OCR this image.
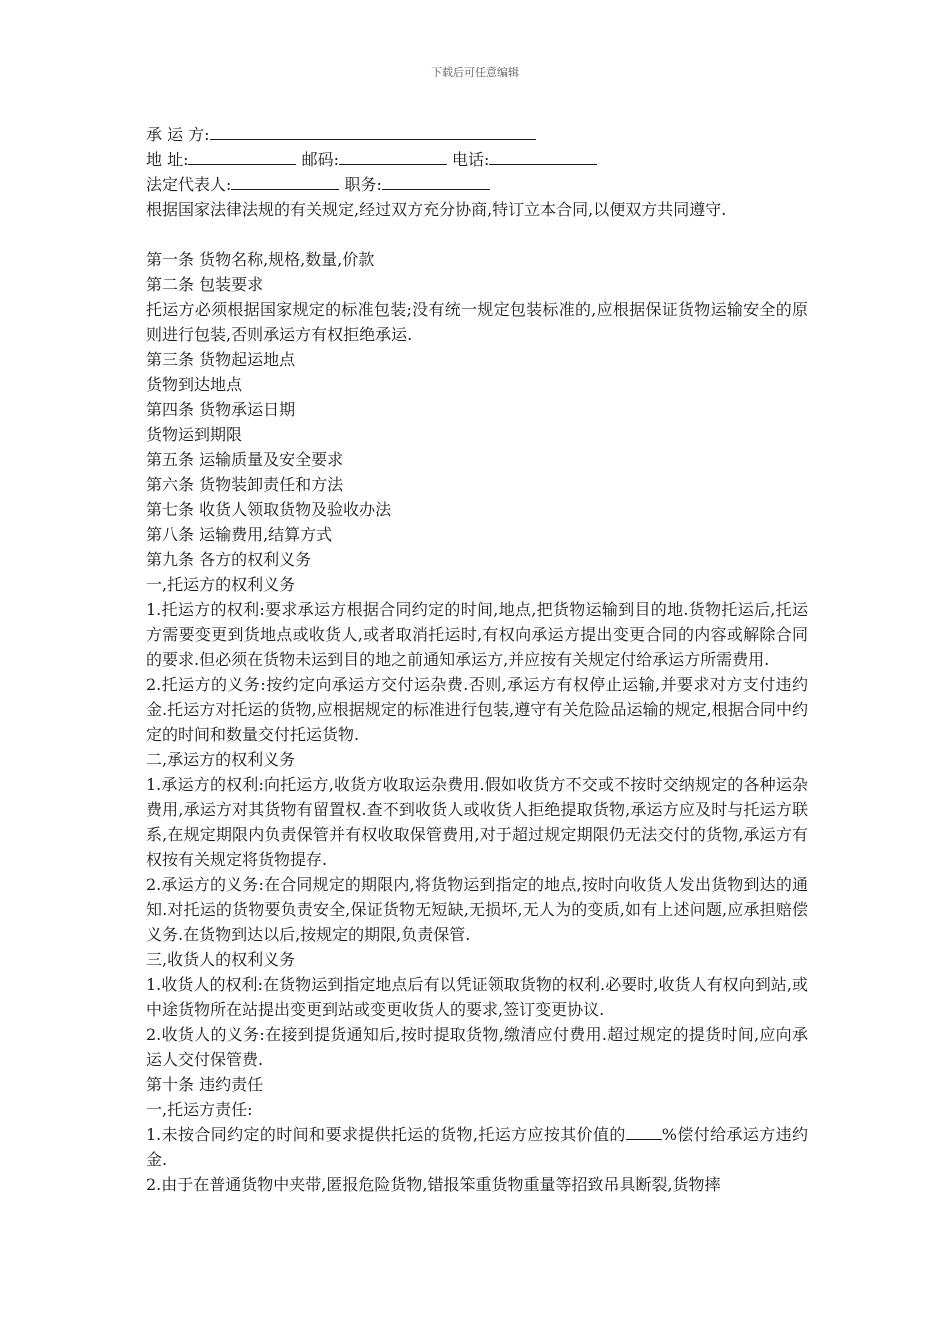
下载后可任意编辑
承 运 方:
地 址:	邮码:	电话:
法定代表人:	职务:
根据国家法律法规的有关规定,经过双方充分协商,特订立本合同,以便双方共同遵守.
第一条 货物名称,规格,数量,价款
第二条 包装要求
托运方必须根据国家规定的标准包装;没有统一规定包装标准的,应根据保证货物运输安全的原则进行包装,否则承运方有权拒绝承运.
第三条 货物起运地点
货物到达地点
第四条 货物承运日期
货物运到期限
第五条 运输质量及安全要求
第六条 货物装卸责任和方法
第七条 收货人领取货物及验收办法
第八条 运输费用,结算方式
第九条 各方的权利义务
一,托运方的权利义务
1.托运方的权利:要求承运方根据合同约定的时间,地点,把货物运输到目的地.货物托运后,托运方需要变更到货地点或收货人,或者取消托运时,有权向承运方提出变更合同的内容或解除合同的要求.但必须在货物未运到目的地之前通知承运方,并应按有关规定付给承运方所需费用.
2.托运方的义务:按约定向承运方交付运杂费.否则,承运方有权停止运输,并要求对方支付违约金.托运方对托运的货物,应根据规定的标准进行包装,遵守有关危险品运输的规定,根据合同中约定的时间和数量交付托运货物.
二,承运方的权利义务
1.承运方的权利:向托运方,收货方收取运杂费用.假如收货方不交或不按时交纳规定的各种运杂费用,承运方对其货物有留置权.查不到收货人或收货人拒绝提取货物,承运方应及时与托运方联系,在规定期限内负责保管并有权收取保管费用,对于超过规定期限仍无法交付的货物,承运方有权按有关规定将货物提存.
2.承运方的义务:在合同规定的期限内,将货物运到指定的地点,按时向收货人发出货物到达的通知.对托运的货物要负责安全,保证货物无短缺,无损坏,无人为的变质,如有上述问题,应承担赔偿义务.在货物到达以后,按规定的期限,负责保管.
三,收货人的权利义务
1.收货人的权利:在货物运到指定地点后有以凭证领取货物的权利.必要时,收货人有权向到站,或中途货物所在站提出变更到站或变更收货人的要求,签订变更协议.
2.收货人的义务:在接到提货通知后,按时提取货物,缴清应付费用.超过规定的提货时间,应向承运人交付保管费.
第十条 违约责任
一,托运方责任:
1.未按合同约定的时间和要求提供托运的货物,托运方应按其价值的 %偿付给承运方违约金.
2.由于在普通货物中夹带,匿报危险货物,错报笨重货物重量等招致吊具断裂,货物摔
